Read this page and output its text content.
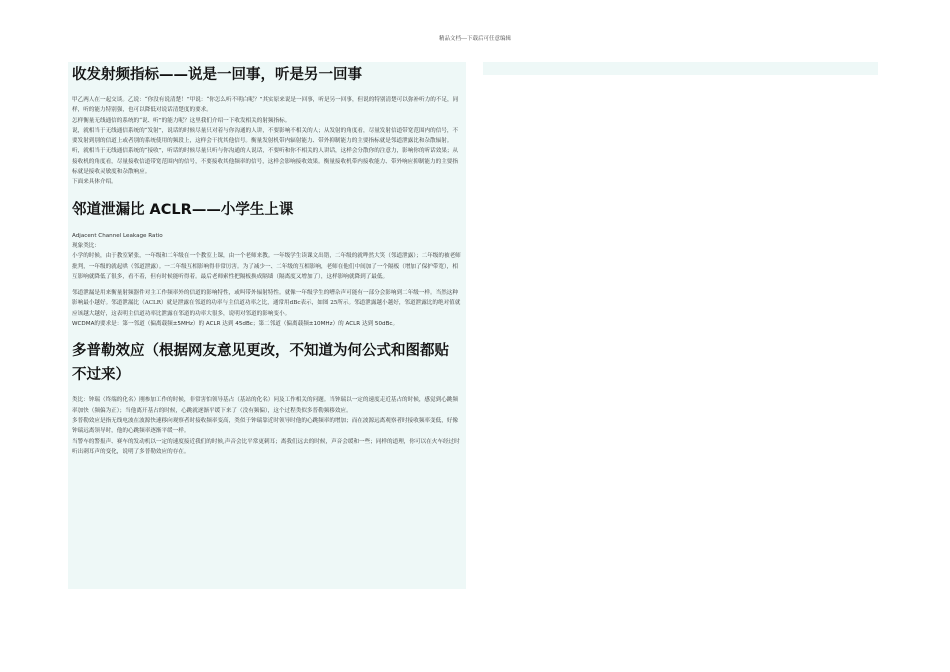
精品文档---下载后可任意编辑
收发射频指标——说是一回事，听是另一回事

甲乙两人在一起交谈。乙说：“你没有说清楚！”甲说：“你怎么听不明白呢？”其实原来说是一回事，听是另一回事，但说的特别清楚可以弥补听力的不足，同样，听的能力特别强，也可以降低对说话清楚度的要求。

怎样衡量无线通信的系统的“说、听”的能力呢？这里我们介绍一下收发相关的射频指标。

说，就相当于无线通信系统的“发射”，说话的时候尽量只对着与你沟通的人讲，不要影响不相关的人；从发射的角度看，尽量发射信道带宽范围内的信号，不要发射到别的信道上或者别的系统使用的频段上，这样会干扰其他信号。衡量发射机带内辐射能力、带外抑制能力的主要指标就是邻道泄露比和杂散辐射。

听，就相当于无线通信系统的“接收”，听话的时候尽量只听与你沟通的人说话，不要听和你不相关的人讲话，这样会分散你的注意力，影响你的听话效果；从接收机的角度看，尽量接收信道带宽范围内的信号，不要接收其他频率的信号，这样会影响接收效果。衡量接收机带内接收能力、带外响应抑制能力的主要指标就是接收灵敏度和杂散响应。

下面来具体介绍。

邻道泄漏比 ACLR——小学生上课

Adjacent Channel Leakage Ratio

现象类比：

小学的时候，由于教室紧张，一年级和二年级在一个教室上课，由一个老师来教。一年级学生读课文出错，二年级的就哗然大笑（邻道泄露）；二年级的被老师批判，一年级的就起哄（邻道泄露）。一二年级互相影响得非常厉害。为了减少一、二年级的互相影响，老师在他们中间加了一个隔板（增加了保护带宽），相互影响就降低了很多，看不着，但有时候能听得着。最后老师索性把隔板换成隔墙（隔离度又增加了），这样影响就降到了最低。

邻道泄漏是用来衡量射频器件对主工作频率外的信道的影响特性，或叫带外辐射特性。就像一年级学生的嘈杂声可能有一部分会影响到二年级一样。当然这种影响最小越好。邻道泄漏比（ACLR）就是泄露在邻道的功率与主信道功率之比，通常用dBc表示，如图 25所示。邻道泄露越小越好，邻道泄露比的绝对值就应该越大越好，这表明主信道功率比泄露在邻道的功率大很多，说明对邻道的影响变小。

WCDMA的要求是：第一邻道（偏离载频±5MHz）的 ACLR 达到 45dBc；第二邻道（偏离载频±10MHz）的 ACLR 达到 50dBc。

多普勒效应（根据网友意见更改，不知道为何公式和图都贴不过来）

类比：钟瑞（终端的化名）刚参加工作的时候，非常害怕领导基占（基站的化名）问及工作相关的问题。当钟瑞以一定的速度走近基占的时候，感觉到心跳频率加快（频偏为正）；当他离开基占的时候，心跳就逐渐平缓下来了（没有频偏），这个过程类似多普勒频移效应。

多普勒效应是指无线电波在波源快速移向观察者时接收频率变高，类似于钟瑞靠近时领导时他的心跳频率的增加；而在波源远离观察者时接收频率变低，好像钟瑞远离领导时，他的心跳频率逐渐平缓一样。

当警车的警报声、赛车的发动机以一定的速度接近我们的时候,声音会比平常更刺耳；离我们远去的时候，声音会缓和一些；同样的道理，你可以在火车经过时听出刺耳声的变化，说明了多普勒效应的存在。
